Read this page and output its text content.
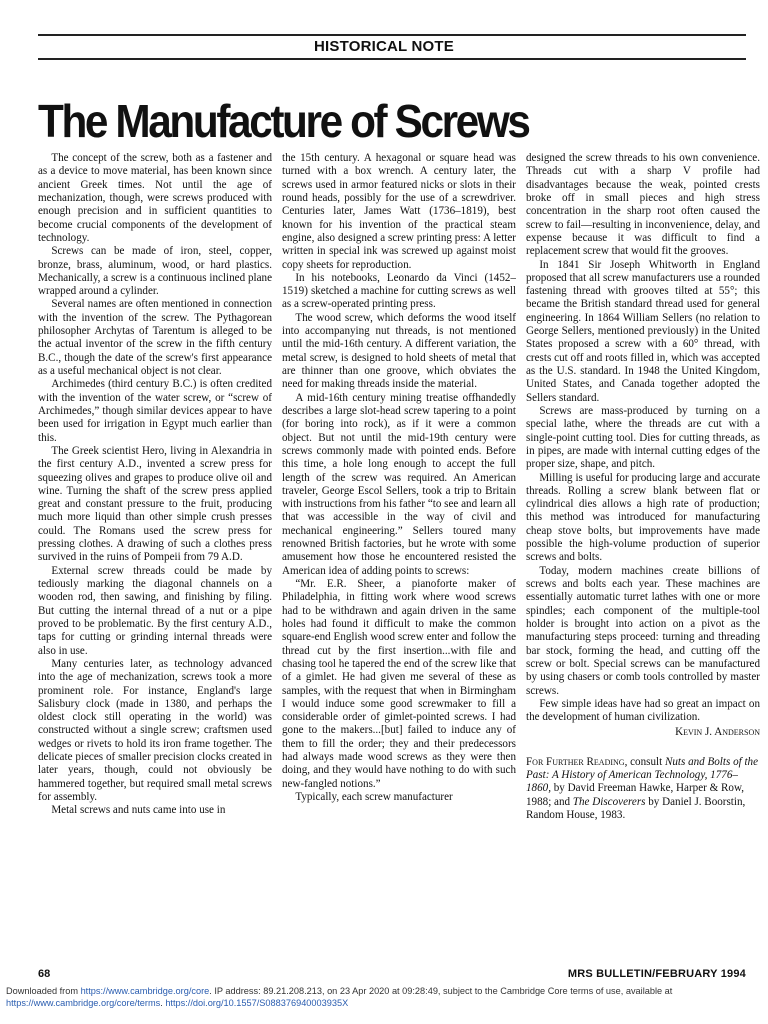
HISTORICAL NOTE
The Manufacture of Screws

The concept of the screw, both as a fastener and as a device to move material, has been known since ancient Greek times. Not until the age of mechanization, though, were screws produced with enough precision and in sufficient quantities to become crucial components of the development of technology.

Screws can be made of iron, steel, copper, bronze, brass, aluminum, wood, or hard plastics. Mechanically, a screw is a continuous inclined plane wrapped around a cylinder.

Several names are often mentioned in connection with the invention of the screw. The Pythagorean philosopher Archytas of Tarentum is alleged to be the actual inventor of the screw in the fifth century B.C., though the date of the screw's first appearance as a useful mechanical object is not clear.

Archimedes (third century B.C.) is often credited with the invention of the water screw, or “screw of Archimedes,” though similar devices appear to have been used for irrigation in Egypt much earlier than this.

The Greek scientist Hero, living in Alexandria in the first century A.D., invented a screw press for squeezing olives and grapes to produce olive oil and wine. Turning the shaft of the screw press applied great and constant pressure to the fruit, producing much more liquid than other simple crush presses could. The Romans used the screw press for pressing clothes. A drawing of such a clothes press survived in the ruins of Pompeii from 79 A.D.

External screw threads could be made by tediously marking the diagonal channels on a wooden rod, then sawing, and finishing by filing. But cutting the internal thread of a nut or a pipe proved to be problematic. By the first century A.D., taps for cutting or grinding internal threads were also in use.

Many centuries later, as technology advanced into the age of mechanization, screws took a more prominent role. For instance, England's large Salisbury clock (made in 1380, and perhaps the oldest clock still operating in the world) was constructed without a single screw; craftsmen used wedges or rivets to hold its iron frame together. The delicate pieces of smaller precision clocks created in later years, though, could not obviously be hammered together, but required small metal screws for assembly.

Metal screws and nuts came into use in

the 15th century. A hexagonal or square head was turned with a box wrench. A century later, the screws used in armor featured nicks or slots in their round heads, possibly for the use of a screwdriver. Centuries later, James Watt (1736–1819), best known for his invention of the practical steam engine, also designed a screw printing press: A letter written in special ink was screwed up against moist copy sheets for reproduction.

In his notebooks, Leonardo da Vinci (1452–1519) sketched a machine for cutting screws as well as a screw-operated printing press.

The wood screw, which deforms the wood itself into accompanying nut threads, is not mentioned until the mid-16th century. A different variation, the metal screw, is designed to hold sheets of metal that are thinner than one groove, which obviates the need for making threads inside the material.

A mid-16th century mining treatise offhandedly describes a large slot-head screw tapering to a point (for boring into rock), as if it were a common object. But not until the mid-19th century were screws commonly made with pointed ends. Before this time, a hole long enough to accept the full length of the screw was required. An American traveler, George Escol Sellers, took a trip to Britain with instructions from his father “to see and learn all that was accessible in the way of civil and mechanical engineering.” Sellers toured many renowned British factories, but he wrote with some amusement how those he encountered resisted the American idea of adding points to screws:

“Mr. E.R. Sheer, a pianoforte maker of Philadelphia, in fitting work where wood screws had to be withdrawn and again driven in the same holes had found it difficult to make the common square-end English wood screw enter and follow the thread cut by the first insertion...with file and chasing tool he tapered the end of the screw like that of a gimlet. He had given me several of these as samples, with the request that when in Birmingham I would induce some good screwmaker to fill a considerable order of gimlet-pointed screws. I had gone to the makers...[but] failed to induce any of them to fill the order; they and their predecessors had always made wood screws as they were then doing, and they would have nothing to do with such new-fangled notions.”

Typically, each screw manufacturer

designed the screw threads to his own convenience. Threads cut with a sharp V profile had disadvantages because the weak, pointed crests broke off in small pieces and high stress concentration in the sharp root often caused the screw to fail—resulting in inconvenience, delay, and expense because it was difficult to find a replacement screw that would fit the grooves.

In 1841 Sir Joseph Whitworth in England proposed that all screw manufacturers use a rounded fastening thread with grooves tilted at 55°; this became the British standard thread used for general engineering. In 1864 William Sellers (no relation to George Sellers, mentioned previously) in the United States proposed a screw with a 60° thread, with crests cut off and roots filled in, which was accepted as the U.S. standard. In 1948 the United Kingdom, United States, and Canada together adopted the Sellers standard.

Screws are mass-produced by turning on a special lathe, where the threads are cut with a single-point cutting tool. Dies for cutting threads, as in pipes, are made with internal cutting edges of the proper size, shape, and pitch.

Milling is useful for producing large and accurate threads. Rolling a screw blank between flat or cylindrical dies allows a high rate of production; this method was introduced for manufacturing cheap stove bolts, but improvements have made possible the high-volume production of superior screws and bolts.

Today, modern machines create billions of screws and bolts each year. These machines are essentially automatic turret lathes with one or more spindles; each component of the multiple-tool holder is brought into action on a pivot as the manufacturing steps proceed: turning and threading bar stock, forming the head, and cutting off the screw or bolt. Special screws can be manufactured by using chasers or comb tools controlled by master screws.

Few simple ideas have had so great an impact on the development of human civilization.

Kevin J. Anderson

For Further Reading, consult Nuts and Bolts of the Past: A History of American Technology, 1776–1860, by David Freeman Hawke, Harper & Row, 1988; and The Discoverers by Daniel J. Boorstin, Random House, 1983.

68	MRS BULLETIN/FEBRUARY 1994
Downloaded from https://www.cambridge.org/core. IP address: 89.21.208.213, on 23 Apr 2020 at 09:28:49, subject to the Cambridge Core terms of use, available at https://www.cambridge.org/core/terms. https://doi.org/10.1557/S088376940003935X
